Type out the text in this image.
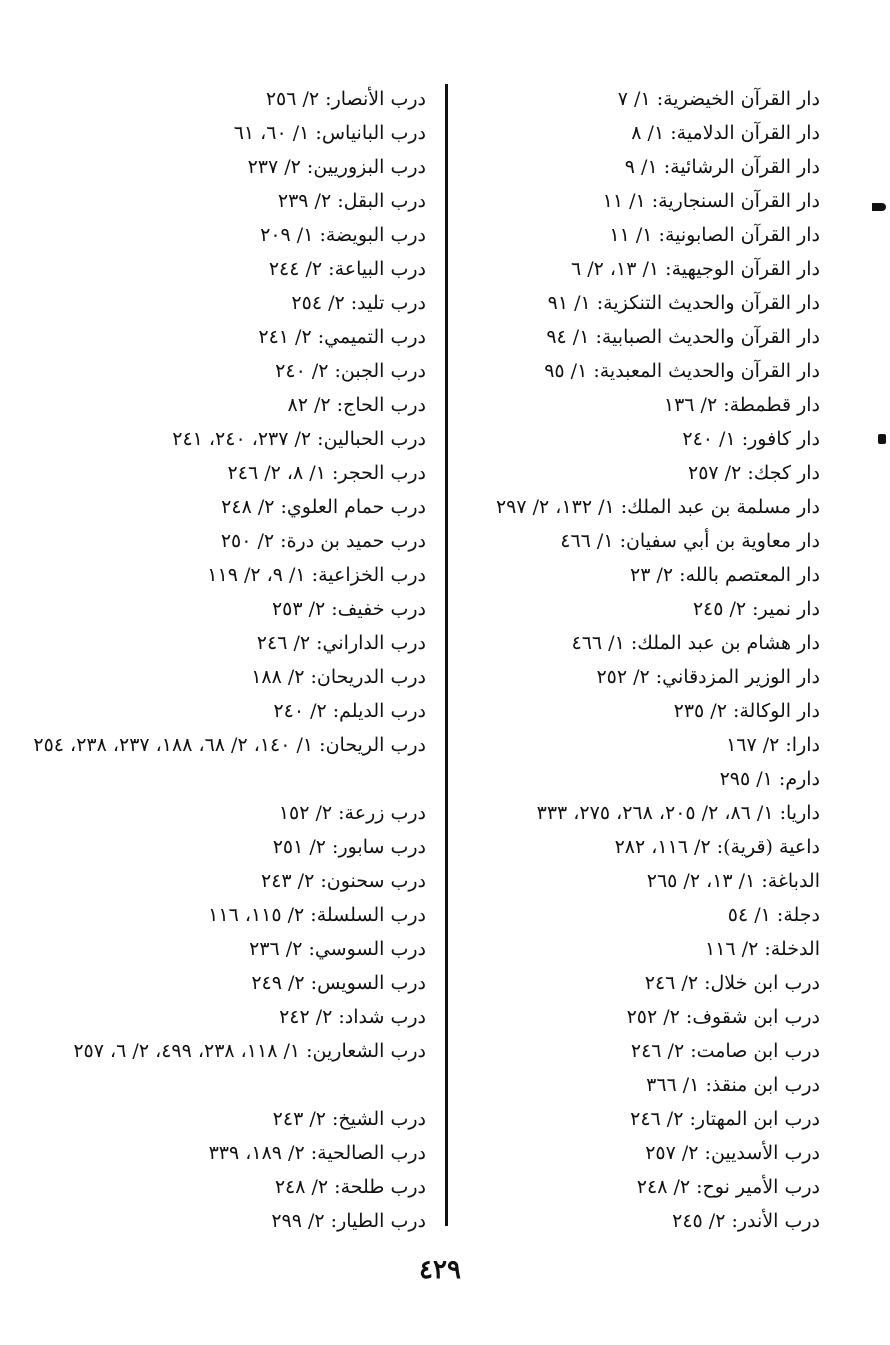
دار القرآن الخيضرية: ١/ ٧
دار القرآن الدلامية: ١/ ٨
دار القرآن الرشائية: ١/ ٩
دار القرآن السنجارية: ١/ ١١
دار القرآن الصابونية: ١/ ١١
دار القرآن الوجيهية: ١/ ١٣، ٢/ ٦
دار القرآن والحديث التنكزية: ١/ ٩١
دار القرآن والحديث الصبابية: ١/ ٩٤
دار القرآن والحديث المعبدية: ١/ ٩٥
دار قطمطة: ٢/ ١٣٦
دار كافور: ١/ ٢٤٠
دار كجك: ٢/ ٢٥٧
دار مسلمة بن عبد الملك: ١/ ١٣٢، ٢/ ٢٩٧
دار معاوية بن أبي سفيان: ١/ ٤٦٦
دار المعتصم بالله: ٢/ ٢٣
دار نمير: ٢/ ٢٤٥
دار هشام بن عبد الملك: ١/ ٤٦٦
دار الوزير المزدقاني: ٢/ ٢٥٢
دار الوكالة: ٢/ ٢٣٥
دارا: ٢/ ١٦٧
دارم: ١/ ٢٩٥
داريا: ١/ ٨٦، ٢/ ٢٠٥، ٢٦٨، ٢٧٥، ٣٣٣
داعية (قرية): ٢/ ١١٦، ٢٨٢
الدباغة: ١/ ١٣، ٢/ ٢٦٥
دجلة: ١/ ٥٤
الدخلة: ٢/ ١١٦
درب ابن خلال: ٢/ ٢٤٦
درب ابن شقوف: ٢/ ٢٥٢
درب ابن صامت: ٢/ ٢٤٦
درب ابن منقذ: ١/ ٣٦٦
درب ابن المهتار: ٢/ ٢٤٦
درب الأسديين: ٢/ ٢٥٧
درب الأمير نوح: ٢/ ٢٤٨
درب الأندر: ٢/ ٢٤٥
درب الأنصار: ٢/ ٢٥٦
درب البانياس: ١/ ٦٠، ٦١
درب البزوريين: ٢/ ٢٣٧
درب البقل: ٢/ ٢٣٩
درب البويضة: ١/ ٢٠٩
درب البياعة: ٢/ ٢٤٤
درب تليد: ٢/ ٢٥٤
درب التميمي: ٢/ ٢٤١
درب الجبن: ٢/ ٢٤٠
درب الحاج: ٢/ ٨٢
درب الحبالين: ٢/ ٢٣٧، ٢٤٠، ٢٤١
درب الحجر: ١/ ٨، ٢/ ٢٤٦
درب حمام العلوي: ٢/ ٢٤٨
درب حميد بن درة: ٢/ ٢٥٠
درب الخزاعية: ١/ ٩، ٢/ ١١٩
درب خفيف: ٢/ ٢٥٣
درب الداراني: ٢/ ٢٤٦
درب الدريحان: ٢/ ١٨٨
درب الديلم: ٢/ ٢٤٠
درب الريحان: ١/ ١٤٠، ٢/ ٦٨، ١٨٨، ٢٣٧، ٢٣٨، ٢٥٤
درب زرعة: ٢/ ١٥٢
درب سابور: ٢/ ٢٥١
درب سحنون: ٢/ ٢٤٣
درب السلسلة: ٢/ ١١٥، ١١٦
درب السوسي: ٢/ ٢٣٦
درب السويس: ٢/ ٢٤٩
درب شداد: ٢/ ٢٤٢
درب الشعارين: ١/ ١١٨، ٢٣٨، ٤٩٩، ٢/ ٦، ٢٥٧
درب الشيخ: ٢/ ٢٤٣
درب الصالحية: ٢/ ١٨٩، ٣٣٩
درب طلحة: ٢/ ٢٤٨
درب الطيار: ٢/ ٢٩٩
٤٢٩
